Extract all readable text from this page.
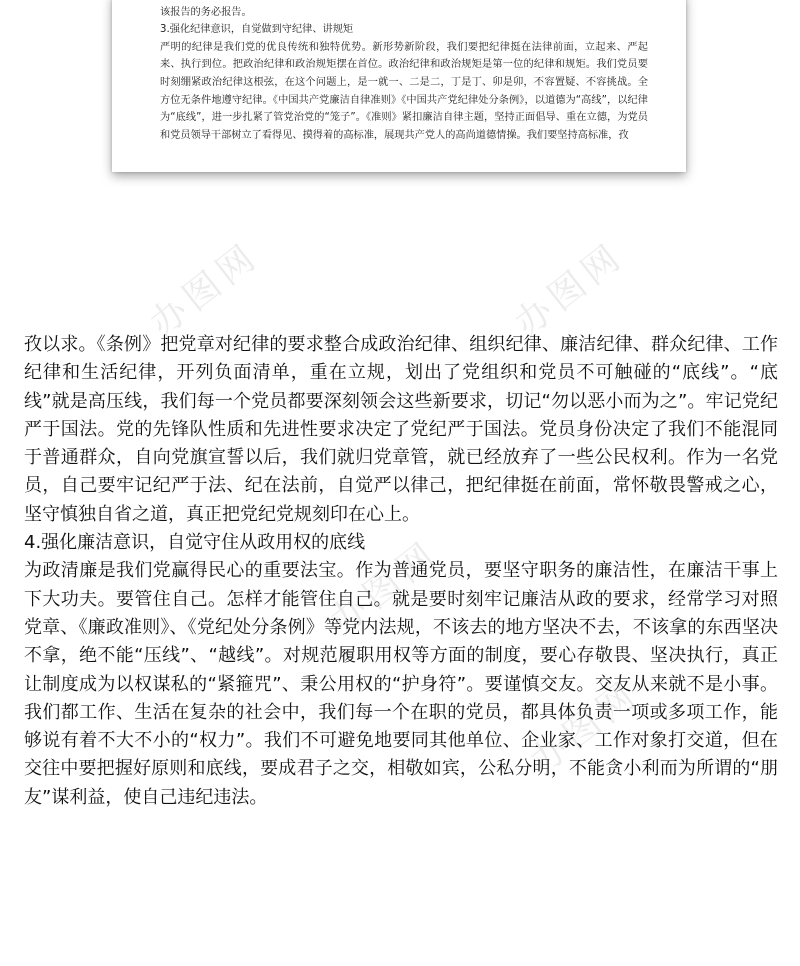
该报告的务必报告。

3.强化纪律意识，自觉做到守纪律、讲规矩

严明的纪律是我们党的优良传统和独特优势。新形势新阶段，我们要把纪律挺在法律前面，立起来、严起来、执行到位。把政治纪律和政治规矩摆在首位。政治纪律和政治规矩是第一位的纪律和规矩。我们党员要时刻绷紧政治纪律这根弦，在这个问题上，是一就一、二是二，丁是丁、卯是卯，不容置疑、不容挑战。全方位无条件地遵守纪律。《中国共产党廉洁自律准则》《中国共产党纪律处分条例》，以道德为“高线”，以纪律为“底线”，进一步扎紧了管党治党的“笼子”。《准则》紧扣廉洁自律主题，坚持正面倡导、重在立德，为党员和党员领导干部树立了看得见、摸得着的高标准，展现共产党人的高尚道德情操。我们要坚持高标准，孜

办图网	办图网
办图网
办图网

孜以求。《条例》把党章对纪律的要求整合成政治纪律、组织纪律、廉洁纪律、群众纪律、工作纪律和生活纪律，开列负面清单，重在立规，划出了党组织和党员不可触碰的“底线”。“底线”就是高压线，我们每一个党员都要深刻领会这些新要求，切记“勿以恶小而为之”。牢记党纪严于国法。党的先锋队性质和先进性要求决定了党纪严于国法。党员身份决定了我们不能混同于普通群众，自向党旗宣誓以后，我们就归党章管，就已经放弃了一些公民权利。作为一名党员，自己要牢记纪严于法、纪在法前，自觉严以律己，把纪律挺在前面，常怀敬畏警戒之心，坚守慎独自省之道，真正把党纪党规刻印在心上。

4.强化廉洁意识，自觉守住从政用权的底线

为政清廉是我们党赢得民心的重要法宝。作为普通党员，要坚守职务的廉洁性，在廉洁干事上下大功夫。要管住自己。怎样才能管住自己。就是要时刻牢记廉洁从政的要求，经常学习对照党章、《廉政准则》、《党纪处分条例》等党内法规，不该去的地方坚决不去，不该拿的东西坚决不拿，绝不能“压线”、“越线”。对规范履职用权等方面的制度，要心存敬畏、坚决执行，真正让制度成为以权谋私的“紧箍咒”、秉公用权的“护身符”。要谨慎交友。交友从来就不是小事。我们都工作、生活在复杂的社会中，我们每一个在职的党员，都具体负责一项或多项工作，能够说有着不大不小的“权力”。我们不可避免地要同其他单位、企业家、工作对象打交道，但在交往中要把握好原则和底线，要成君子之交，相敬如宾，公私分明，不能贪小利而为所谓的“朋友”谋利益，使自己违纪违法。
